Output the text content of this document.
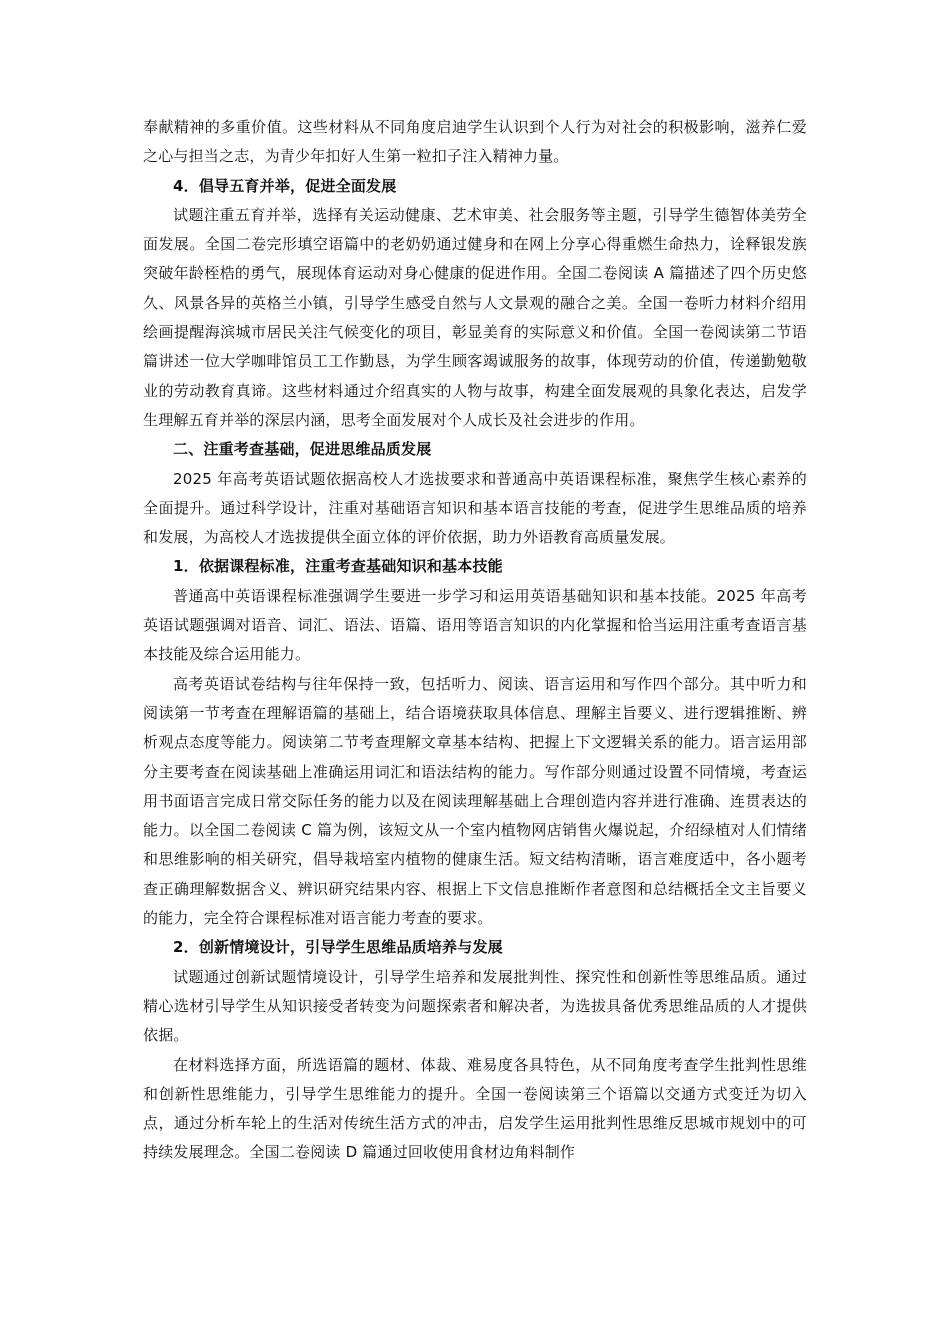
奉献精神的多重价值。这些材料从不同角度启迪学生认识到个人行为对社会的积极影响，滋养仁爱之心与担当之志，为青少年扣好人生第一粒扣子注入精神力量。

4．倡导五育并举，促进全面发展

试题注重五育并举，选择有关运动健康、艺术审美、社会服务等主题，引导学生德智体美劳全面发展。全国二卷完形填空语篇中的老奶奶通过健身和在网上分享心得重燃生命热力，诠释银发族突破年龄桎梏的勇气，展现体育运动对身心健康的促进作用。全国二卷阅读 A 篇描述了四个历史悠久、风景各异的英格兰小镇，引导学生感受自然与人文景观的融合之美。全国一卷听力材料介绍用绘画提醒海滨城市居民关注气候变化的项目，彰显美育的实际意义和价值。全国一卷阅读第二节语篇讲述一位大学咖啡馆员工工作勤恳，为学生顾客竭诚服务的故事，体现劳动的价值，传递勤勉敬业的劳动教育真谛。这些材料通过介绍真实的人物与故事，构建全面发展观的具象化表达，启发学生理解五育并举的深层内涵，思考全面发展对个人成长及社会进步的作用。

二、注重考查基础，促进思维品质发展

2025 年高考英语试题依据高校人才选拔要求和普通高中英语课程标准，聚焦学生核心素养的全面提升。通过科学设计，注重对基础语言知识和基本语言技能的考查，促进学生思维品质的培养和发展，为高校人才选拔提供全面立体的评价依据，助力外语教育高质量发展。

1．依据课程标准，注重考查基础知识和基本技能

普通高中英语课程标准强调学生要进一步学习和运用英语基础知识和基本技能。2025 年高考英语试题强调对语音、词汇、语法、语篇、语用等语言知识的内化掌握和恰当运用注重考查语言基本技能及综合运用能力。

高考英语试卷结构与往年保持一致，包括听力、阅读、语言运用和写作四个部分。其中听力和阅读第一节考查在理解语篇的基础上，结合语境获取具体信息、理解主旨要义、进行逻辑推断、辨析观点态度等能力。阅读第二节考查理解文章基本结构、把握上下文逻辑关系的能力。语言运用部分主要考查在阅读基础上准确运用词汇和语法结构的能力。写作部分则通过设置不同情境，考查运用书面语言完成日常交际任务的能力以及在阅读理解基础上合理创造内容并进行准确、连贯表达的能力。以全国二卷阅读 C 篇为例，该短文从一个室内植物网店销售火爆说起，介绍绿植对人们情绪和思维影响的相关研究，倡导栽培室内植物的健康生活。短文结构清晰，语言难度适中，各小题考查正确理解数据含义、辨识研究结果内容、根据上下文信息推断作者意图和总结概括全文主旨要义的能力，完全符合课程标准对语言能力考查的要求。

2．创新情境设计，引导学生思维品质培养与发展

试题通过创新试题情境设计，引导学生培养和发展批判性、探究性和创新性等思维品质。通过精心选材引导学生从知识接受者转变为问题探索者和解决者，为选拔具备优秀思维品质的人才提供依据。

在材料选择方面，所选语篇的题材、体裁、难易度各具特色，从不同角度考查学生批判性思维和创新性思维能力，引导学生思维能力的提升。全国一卷阅读第三个语篇以交通方式变迁为切入点，通过分析车轮上的生活对传统生活方式的冲击，启发学生运用批判性思维反思城市规划中的可持续发展理念。全国二卷阅读 D 篇通过回收使用食材边角料制作
